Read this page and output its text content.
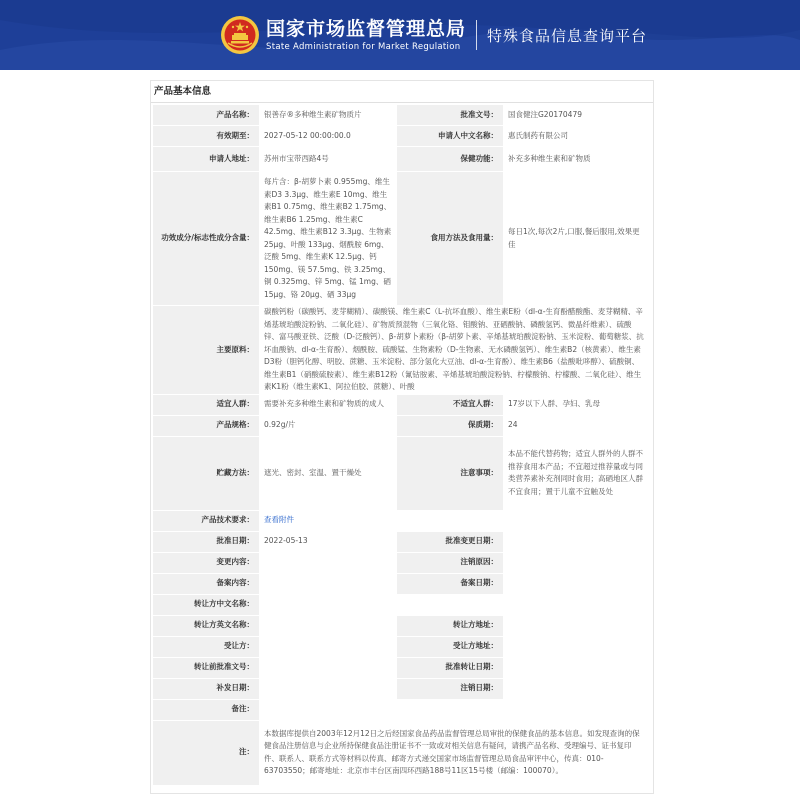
国家市场监督管理总局
State Administration for Market Regulation
特殊食品信息查询平台
产品基本信息
产品名称：	银善存®多种维生素矿物质片	批准文号：	国食健注G20170479
有效期至：	2027-05-12 00:00:00.0	申请人中文名称：	惠氏制药有限公司
申请人地址：	苏州市宝带西路4号	保健功能：	补充多种维生素和矿物质
功效成分/标志性成分含量：	每片含：β-胡萝卜素 0.955mg、维生素D3 3.3μg、维生素E 10mg、维生素B1 0.75mg、维生素B2 1.75mg、维生素B6 1.25mg、维生素C 42.5mg、维生素B12 3.3μg、生物素 25μg、叶酸 133μg、烟酰胺 6mg、泛酸 5mg、维生素K 12.5μg、钙 150mg、镁 57.5mg、铁 3.25mg、铜 0.325mg、锌 5mg、锰 1mg、硒 15μg、铬 20μg、硒 33μg	食用方法及食用量：	每日1次,每次2片,口服,餐后服用,效果更佳
主要原料：	碳酸钙粉（碳酸钙、麦芽糊精）、碳酸镁、维生素C（L-抗坏血酸）、维生素E粉（dl-α-生育酚醋酸酯、麦芽糊精、辛烯基琥珀酸淀粉钠、二氧化硅）、矿物质预混物（三氧化铬、钼酸钠、亚硒酸钠、磷酸氢钙、微晶纤维素）、硫酸锌、富马酸亚铁、泛酸（D-泛酸钙）、β-胡萝卜素粉（β-胡萝卜素、辛烯基琥珀酸淀粉钠、玉米淀粉、葡萄糖浆、抗坏血酸钠、dl-α-生育酚）、烟酰胺、硫酸锰、生物素粉（D-生物素、无水磷酸氢钙）、维生素B2（核黄素）、维生素D3粉（胆钙化醇、明胶、蔗糖、玉米淀粉、部分氢化大豆油、dl-α-生育酚）、维生素B6（盐酸吡哆醇）、硫酸铜、维生素B1（硝酸硫胺素）、维生素B12粉（氰钴胺素、辛烯基琥珀酸淀粉钠、柠檬酸钠、柠檬酸、二氧化硅）、维生素K1粉（维生素K1、阿拉伯胶、蔗糖）、叶酸		
适宜人群：	需要补充多种维生素和矿物质的成人	不适宜人群：	17岁以下人群、孕妇、乳母
产品规格：	0.92g/片	保质期：	24
贮藏方法：	遮光、密封、室温、置干燥处	注意事项：	本品不能代替药物；适宜人群外的人群不推荐食用本产品；不宜超过推荐量或与同类营养素补充剂同时食用；高硒地区人群不宜食用；置于儿童不宜触及处
产品技术要求：	查看附件		
批准日期：	2022-05-13	批准变更日期：	
变更内容：		注销原因：	
备案内容：		备案日期：	
转让方中文名称：			
转让方英文名称：		转让方地址：	
受让方：		受让方地址：	
转让前批准文号：		批准转让日期：	
补发日期：		注销日期：	
备注：			
注：	本数据库提供自2003年12月12日之后经国家食品药品监督管理总局审批的保健食品的基本信息。如发现查询的保健食品注册信息与企业所持保健食品注册证书不一致或对相关信息有疑问，请携产品名称、受理编号、证书复印件、联系人、联系方式等材料以传真、邮寄方式递交国家市场监督管理总局食品审评中心，传真：010-63703550；邮寄地址：北京市丰台区南四环西路188号11区15号楼（邮编：100070）。		
